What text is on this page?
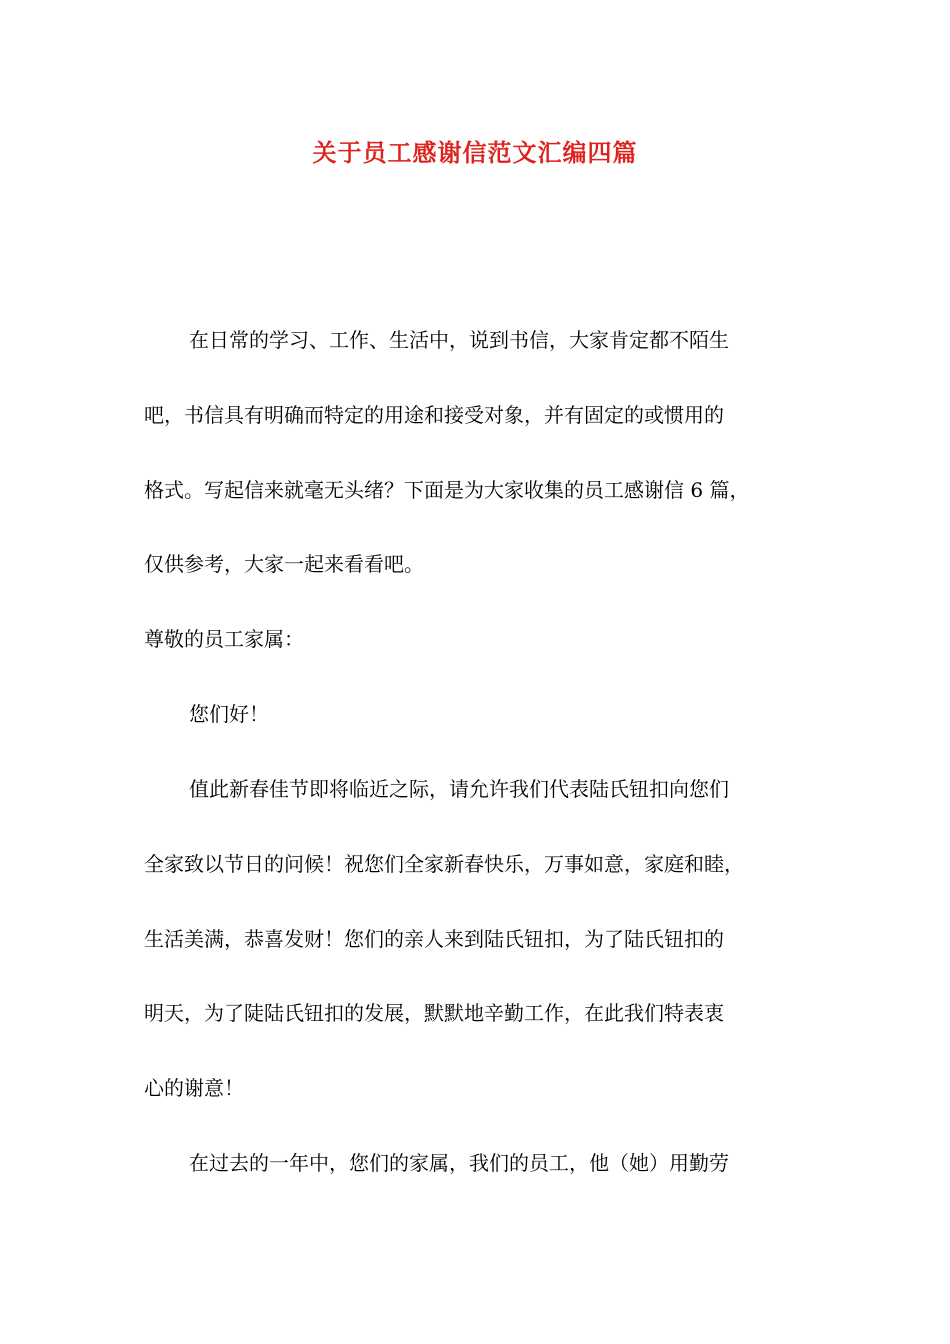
关于员工感谢信范文汇编四篇
在日常的学习、工作、生活中，说到书信，大家肯定都不陌生
吧，书信具有明确而特定的用途和接受对象，并有固定的或惯用的
格式。写起信来就毫无头绪？下面是为大家收集的员工感谢信 6 篇，
仅供参考，大家一起来看看吧。
尊敬的员工家属：
您们好！
值此新春佳节即将临近之际，请允许我们代表陆氏钮扣向您们
全家致以节日的问候！祝您们全家新春快乐，万事如意，家庭和睦，
生活美满，恭喜发财！您们的亲人来到陆氏钮扣，为了陆氏钮扣的
明天，为了陡陆氏钮扣的发展，默默地辛勤工作，在此我们特表衷
心的谢意！
在过去的一年中，您们的家属，我们的员工，他（她）用勤劳
